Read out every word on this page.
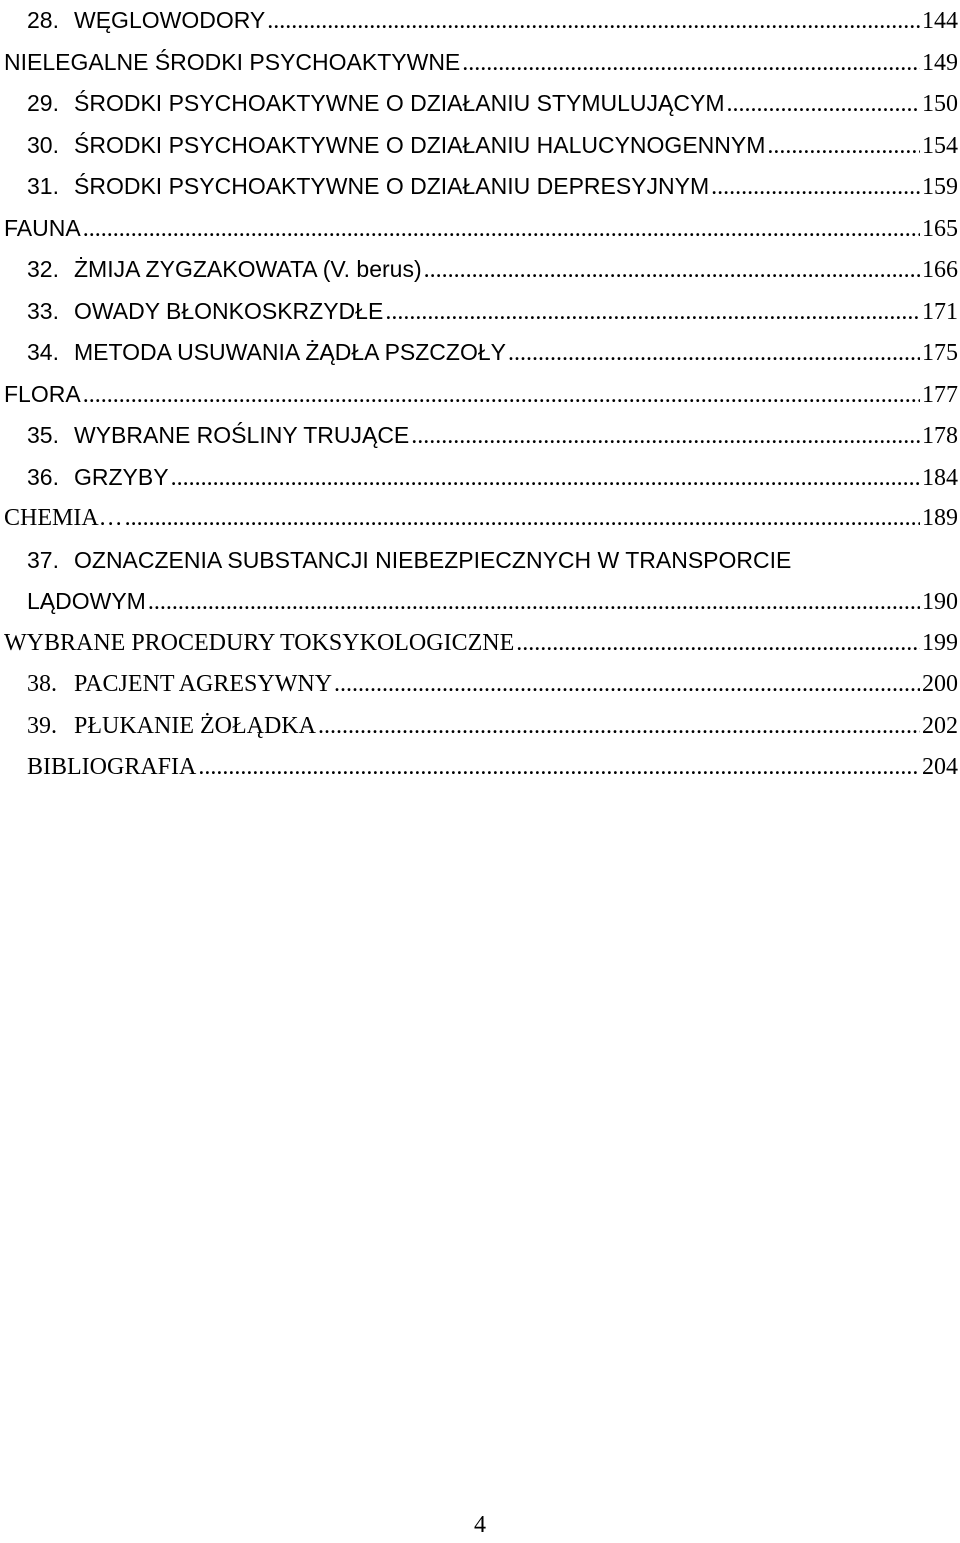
28. WĘGLOWODORY .....	144
NIELEGALNE ŚRODKI PSYCHOAKTYWNE .....	149
29. ŚRODKI PSYCHOAKTYWNE O DZIAŁANIU STYMULUJĄCYM .....	150
30. ŚRODKI PSYCHOAKTYWNE O DZIAŁANIU HALUCYNOGENNYM .....	154
31. ŚRODKI PSYCHOAKTYWNE O DZIAŁANIU DEPRESYJNYM .....	159
FAUNA .....	165
32. ŻMIJA ZYGZAKOWATA (V. berus) .....	166
33. OWADY BŁONKOSKRZYDŁE .....	171
34. METODA USUWANIA ŻĄDŁA PSZCZOŁY .....	175
FLORA .....	177
35. WYBRANE ROŚLINY TRUJĄCE .....	178
36. GRZYBY .....	184
CHEMIA… .....	189
37. OZNACZENIA SUBSTANCJI NIEBEZPIECZNYCH W TRANSPORCIE
LĄDOWYM .....	190
WYBRANE PROCEDURY TOKSYKOLOGICZNE .....	199
38. PACJENT AGRESYWNY .....	200
39. PŁUKANIE ŻOŁĄDKA .....	202
BIBLIOGRAFIA .....	204
4
